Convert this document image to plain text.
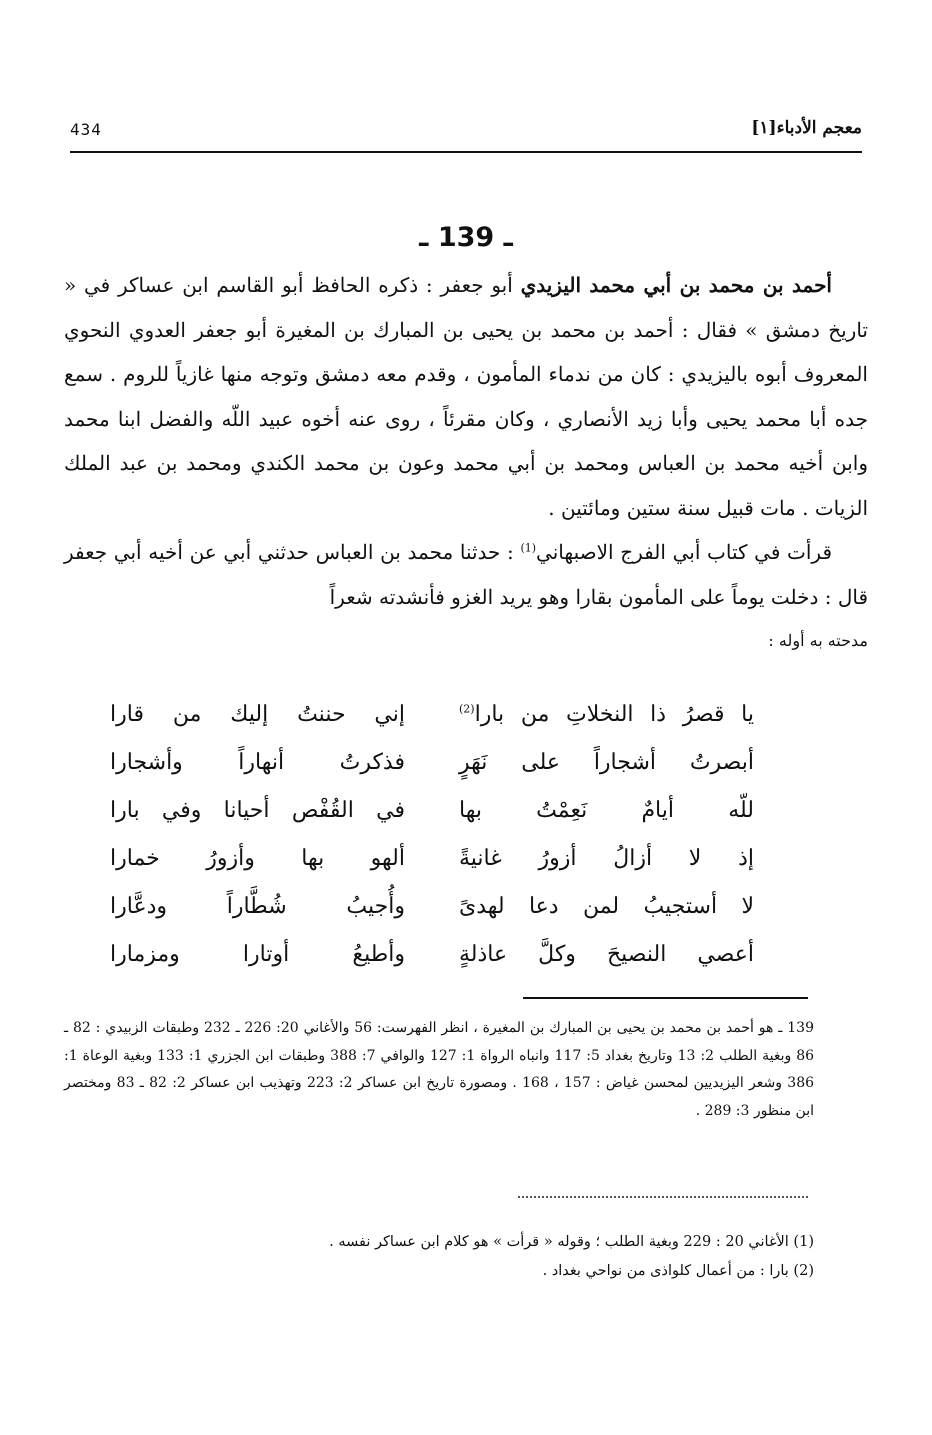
معجم الأدباء[١]
434
ـ 139 ـ

أحمد بن محمد بن أبي محمد اليزيدي أبو جعفر : ذكره الحافظ أبو القاسم ابن عساكر في « تاريخ دمشق » فقال : أحمد بن محمد بن يحيى بن المبارك بن المغيرة أبو جعفر العدوي النحوي المعروف أبوه باليزيدي : كان من ندماء المأمون ، وقدم معه دمشق وتوجه منها غازياً للروم . سمع جده أبا محمد يحيى وأبا زيد الأنصاري ، وكان مقرئاً ، روى عنه أخوه عبيد اللّه والفضل ابنا محمد وابن أخيه محمد بن العباس ومحمد بن أبي محمد وعون بن محمد الكندي ومحمد بن عبد الملك الزيات . مات قبيل سنة ستين ومائتين .

قرأت في كتاب أبي الفرج الاصبهاني$^{(1)}$ : حدثنا محمد بن العباس حدثني أبي عن أخيه أبي جعفر قال : دخلت يوماً على المأمون بقارا وهو يريد الغزو فأنشدته شعراً

مدحته به أوله :

يا قصرُ ذا النخلاتِ من بارا$^{(2)}$
إني حننتُ إليك من قارا
أبصرتُ أشجاراً على نَهَرٍ
فذكرتُ أنهاراً وأشجارا
للّه أيامٌ نَعِمْتُ بها
في القُفْص أحيانا وفي بارا
إذ لا أزالُ أزورُ غانيةً
ألهو بها وأزورُ خمارا
لا أستجيبُ لمن دعا لهدىً
وأُجيبُ شُطَّاراً ودعَّارا
أعصي النصيحَ وكلَّ عاذلةٍ
وأطيعُ أوتارا ومزمارا

139 ـ هو أحمد بن محمد بن يحيى بن المبارك بن المغيرة ، انظر الفهرست: 56 والأغاني 20: 226 ـ 232 وطبقات الزبيدي : 82 ـ 86 وبغية الطلب 2: 13 وتاريخ بغداد 5: 117 وانباه الرواة 1: 127 والوافي 7: 388 وطبقات ابن الجزري 1: 133 وبغية الوعاة 1: 386 وشعر اليزيديين لمحسن غياض : 157 ، 168 . ومصورة تاريخ ابن عساكر 2: 223 وتهذيب ابن عساكر 2: 82 ـ 83 ومختصر ابن منظور 3: 289 .

(1) الأغاني 20 : 229 وبغية الطلب ؛ وقوله « قرأت » هو كلام ابن عساكر نفسه .

(2) بارا : من أعمال كلواذى من نواحي بغداد .
